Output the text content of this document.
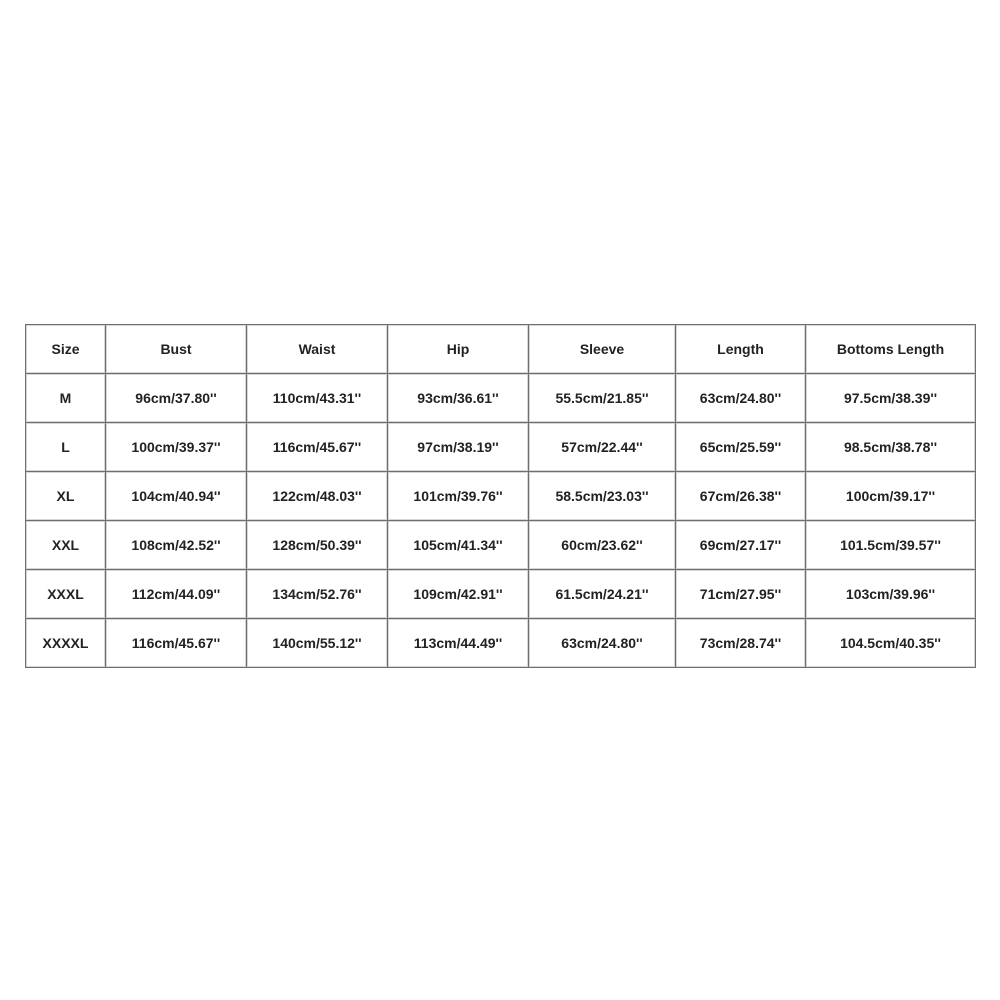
Size	Bust	Waist	Hip	Sleeve	Length	Bottoms Length
M	96cm/37.80''	110cm/43.31''	93cm/36.61''	55.5cm/21.85''	63cm/24.80''	97.5cm/38.39''
L	100cm/39.37''	116cm/45.67''	97cm/38.19''	57cm/22.44''	65cm/25.59''	98.5cm/38.78''
XL	104cm/40.94''	122cm/48.03''	101cm/39.76''	58.5cm/23.03''	67cm/26.38''	100cm/39.17''
XXL	108cm/42.52''	128cm/50.39''	105cm/41.34''	60cm/23.62''	69cm/27.17''	101.5cm/39.57''
XXXL	112cm/44.09''	134cm/52.76''	109cm/42.91''	61.5cm/24.21''	71cm/27.95''	103cm/39.96''
XXXXL	116cm/45.67''	140cm/55.12''	113cm/44.49''	63cm/24.80''	73cm/28.74''	104.5cm/40.35''
